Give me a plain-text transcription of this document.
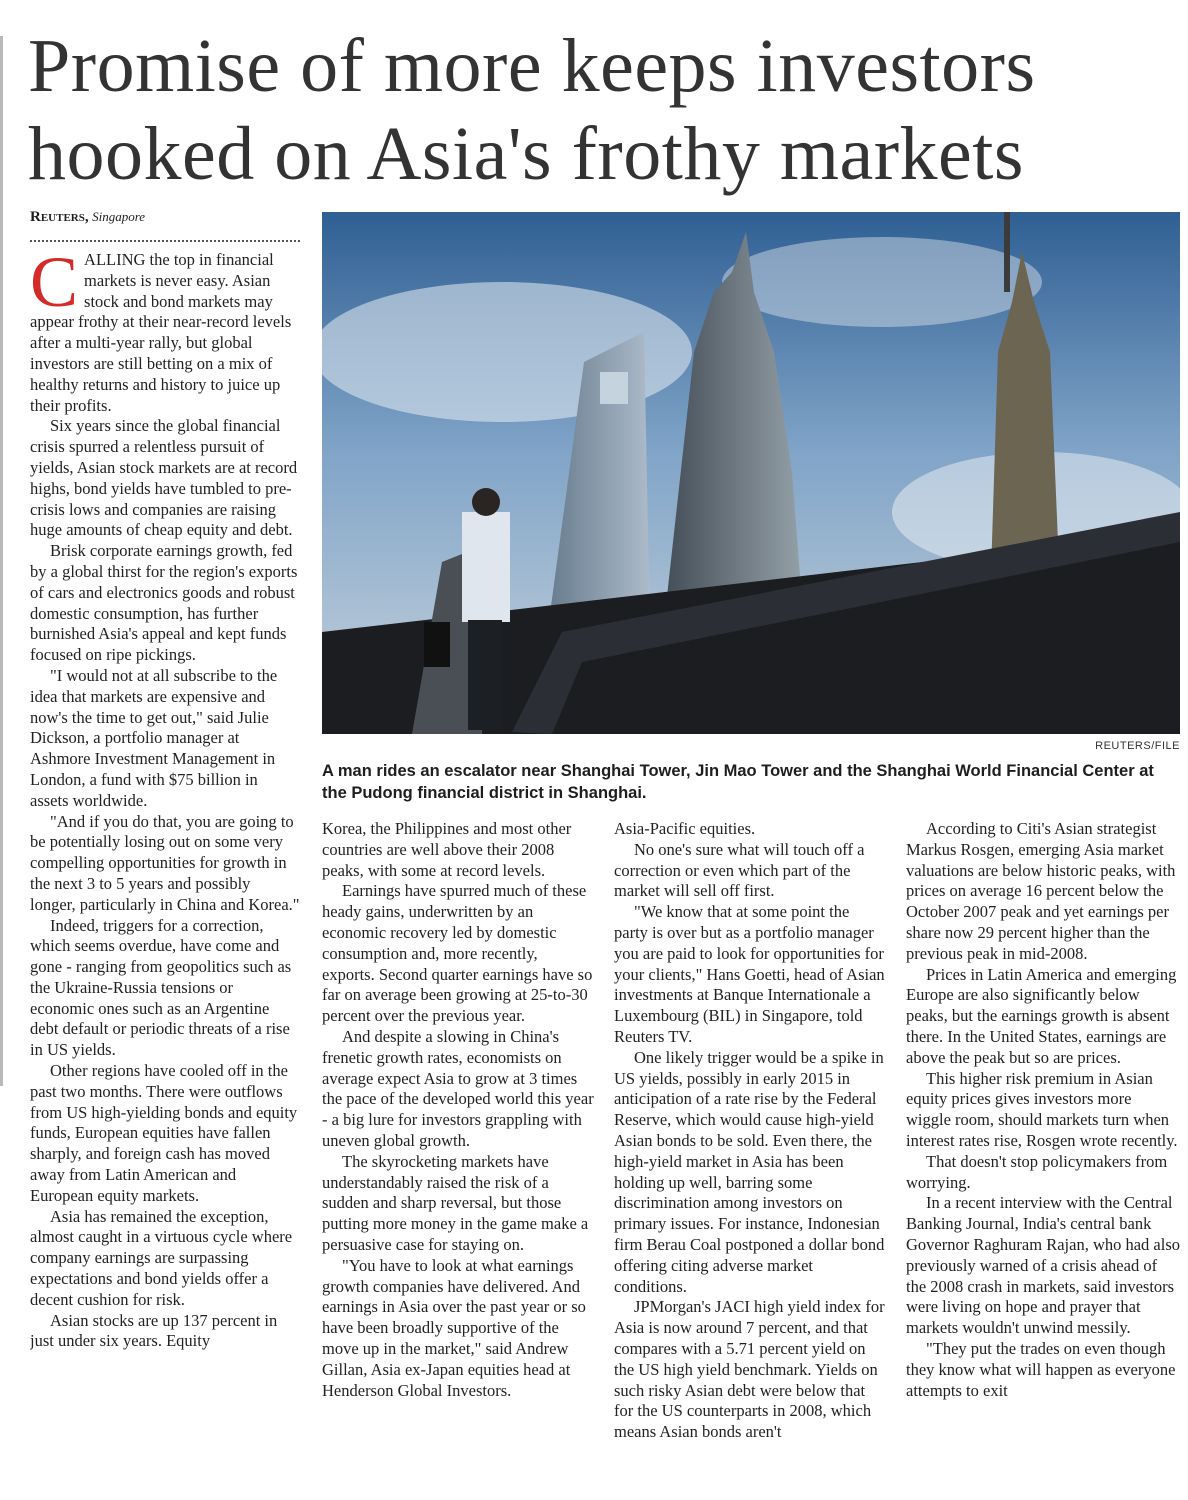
Promise of more keeps investors hooked on Asia's frothy markets
Reuters, Singapore
C ALLING the top in financial markets is never easy. Asian stock and bond markets may appear frothy at their near-record levels after a multi-year rally, but global investors are still betting on a mix of healthy returns and history to juice up their profits.

Six years since the global financial crisis spurred a relentless pursuit of yields, Asian stock markets are at record highs, bond yields have tumbled to pre-crisis lows and companies are raising huge amounts of cheap equity and debt.

Brisk corporate earnings growth, fed by a global thirst for the region's exports of cars and electronics goods and robust domestic consumption, has further burnished Asia's appeal and kept funds focused on ripe pickings.

"I would not at all subscribe to the idea that markets are expensive and now's the time to get out," said Julie Dickson, a portfolio manager at Ashmore Investment Management in London, a fund with $75 billion in assets worldwide.

"And if you do that, you are going to be potentially losing out on some very compelling opportunities for growth in the next 3 to 5 years and possibly longer, particularly in China and Korea."

Indeed, triggers for a correction, which seems overdue, have come and gone - ranging from geopolitics such as the Ukraine-Russia tensions or economic ones such as an Argentine debt default or periodic threats of a rise in US yields.

Other regions have cooled off in the past two months. There were outflows from US high-yielding bonds and equity funds, European equities have fallen sharply, and foreign cash has moved away from Latin American and European equity markets.

Asia has remained the exception, almost caught in a virtuous cycle where company earnings are surpassing expectations and bond yields offer a decent cushion for risk.

Asian stocks are up 137 percent in just under six years. Equity

REUTERS/FILE
A man rides an escalator near Shanghai Tower, Jin Mao Tower and the Shanghai World Financial Center at the Pudong financial district in Shanghai.

Korea, the Philippines and most other countries are well above their 2008 peaks, with some at record levels.

Earnings have spurred much of these heady gains, underwritten by an economic recovery led by domestic consumption and, more recently, exports. Second quarter earnings have so far on average been growing at 25-to-30 percent over the previous year.

And despite a slowing in China's frenetic growth rates, economists on average expect Asia to grow at 3 times the pace of the developed world this year - a big lure for investors grappling with uneven global growth.

The skyrocketing markets have understandably raised the risk of a sudden and sharp reversal, but those putting more money in the game make a persuasive case for staying on.

"You have to look at what earnings growth companies have delivered. And earnings in Asia over the past year or so have been broadly supportive of the move up in the market," said Andrew Gillan, Asia ex-Japan equities head at Henderson Global Investors.

Asia-Pacific equities.

No one's sure what will touch off a correction or even which part of the market will sell off first.

"We know that at some point the party is over but as a portfolio manager you are paid to look for opportunities for your clients," Hans Goetti, head of Asian investments at Banque Internationale a Luxembourg (BIL) in Singapore, told Reuters TV.

One likely trigger would be a spike in US yields, possibly in early 2015 in anticipation of a rate rise by the Federal Reserve, which would cause high-yield Asian bonds to be sold. Even there, the high-yield market in Asia has been holding up well, barring some discrimination among investors on primary issues. For instance, Indonesian firm Berau Coal postponed a dollar bond offering citing adverse market conditions.

JPMorgan's JACI high yield index for Asia is now around 7 percent, and that compares with a 5.71 percent yield on the US high yield benchmark. Yields on such risky Asian debt were below that for the US counterparts in 2008, which means Asian bonds aren't

According to Citi's Asian strategist Markus Rosgen, emerging Asia market valuations are below historic peaks, with prices on average 16 percent below the October 2007 peak and yet earnings per share now 29 percent higher than the previous peak in mid-2008.

Prices in Latin America and emerging Europe are also significantly below peaks, but the earnings growth is absent there. In the United States, earnings are above the peak but so are prices.

This higher risk premium in Asian equity prices gives investors more wiggle room, should markets turn when interest rates rise, Rosgen wrote recently.

That doesn't stop policymakers from worrying.

In a recent interview with the Central Banking Journal, India's central bank Governor Raghuram Rajan, who had also previously warned of a crisis ahead of the 2008 crash in markets, said investors were living on hope and prayer that markets wouldn't unwind messily.

"They put the trades on even though they know what will happen as everyone attempts to exit
